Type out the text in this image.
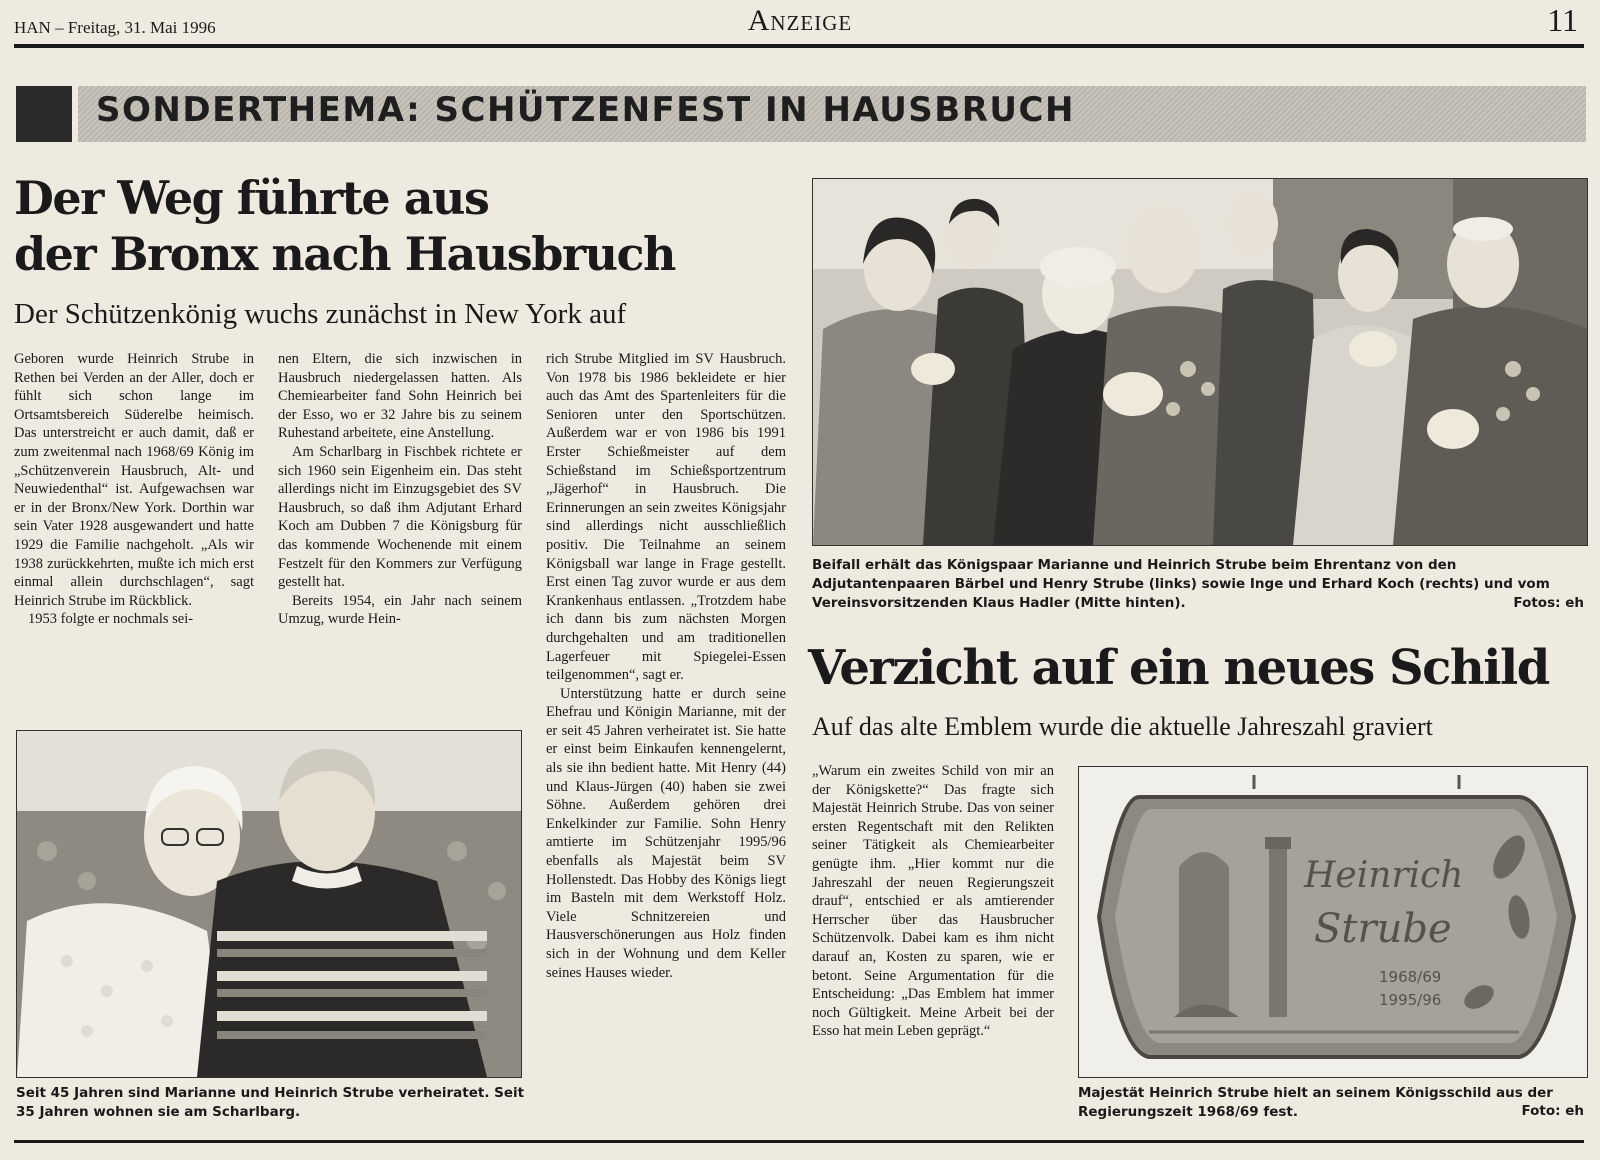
HAN – Freitag, 31. Mai 1996	Anzeige	11
SONDERTHEMA: SCHÜTZENFEST IN HAUSBRUCH
Der Weg führte aus
der Bronx nach Hausbruch
Der Schützenkönig wuchs zunächst in New York auf

Geboren wurde Heinrich Strube in Rethen bei Verden an der Aller, doch er fühlt sich schon lange im Ortsamtsbereich Süderelbe heimisch. Das unterstreicht er auch damit, daß er zum zweitenmal nach 1968/69 König im „Schützenverein Hausbruch, Alt- und Neuwiedenthal“ ist. Aufgewachsen war er in der Bronx/New York. Dorthin war sein Vater 1928 ausgewandert und hatte 1929 die Familie nachgeholt. „Als wir 1938 zurückkehrten, mußte ich mich erst einmal allein durchschlagen“, sagt Heinrich Strube im Rückblick.

1953 folgte er nochmals sei-

nen Eltern, die sich inzwischen in Hausbruch niedergelassen hatten. Als Chemiearbeiter fand Sohn Heinrich bei der Esso, wo er 32 Jahre bis zu seinem Ruhestand arbeitete, eine Anstellung.

Am Scharlbarg in Fischbek richtete er sich 1960 sein Eigenheim ein. Das steht allerdings nicht im Einzugsgebiet des SV Hausbruch, so daß ihm Adjutant Erhard Koch am Dubben 7 die Königsburg für das kommende Wochenende mit einem Festzelt für den Kommers zur Verfügung gestellt hat.

Bereits 1954, ein Jahr nach seinem Umzug, wurde Hein-

rich Strube Mitglied im SV Hausbruch. Von 1978 bis 1986 bekleidete er hier auch das Amt des Spartenleiters für die Senioren unter den Sportschützen. Außerdem war er von 1986 bis 1991 Erster Schießmeister auf dem Schießstand im Schießsportzentrum „Jägerhof“ in Hausbruch. Die Erinnerungen an sein zweites Königsjahr sind allerdings nicht ausschließlich positiv. Die Teilnahme an seinem Königsball war lange in Frage gestellt. Erst einen Tag zuvor wurde er aus dem Krankenhaus entlassen. „Trotzdem habe ich dann bis zum nächsten Morgen durchgehalten und am traditionellen Lagerfeuer mit Spiegelei-Essen teilgenommen“, sagt er.

Unterstützung hatte er durch seine Ehefrau und Königin Marianne, mit der er seit 45 Jahren verheiratet ist. Sie hatte er einst beim Einkaufen kennengelernt, als sie ihn bedient hatte. Mit Henry (44) und Klaus-Jürgen (40) haben sie zwei Söhne. Außerdem gehören drei Enkelkinder zur Familie. Sohn Henry amtierte im Schützenjahr 1995/96 ebenfalls als Majestät beim SV Hollenstedt. Das Hobby des Königs liegt im Basteln mit dem Werkstoff Holz. Viele Schnitzereien und Hausverschönerungen aus Holz finden sich in der Wohnung und dem Keller seines Hauses wieder.

Beifall erhält das Königspaar Marianne und Heinrich Strube beim Ehrentanz von den Adjutantenpaaren Bärbel und Henry Strube (links) sowie Inge und Erhard Koch (rechts) und vom Vereinsvorsitzenden Klaus Hadler (Mitte hinten).	Fotos: eh
Seit 45 Jahren sind Marianne und Heinrich Strube verheiratet. Seit 35 Jahren wohnen sie am Scharlbarg.
Verzicht auf ein neues Schild
Auf das alte Emblem wurde die aktuelle Jahreszahl graviert

„Warum ein zweites Schild von mir an der Königskette?“ Das fragte sich Majestät Heinrich Strube. Das von seiner ersten Regentschaft mit den Relikten seiner Tätigkeit als Chemiearbeiter genügte ihm. „Hier kommt nur die Jahreszahl der neuen Regierungszeit drauf“, entschied er als amtierender Herrscher über das Hausbrucher Schützenvolk. Dabei kam es ihm nicht darauf an, Kosten zu sparen, wie er betont. Seine Argumentation für die Entscheidung: „Das Emblem hat immer noch Gültigkeit. Meine Arbeit bei der Esso hat mein Leben geprägt.“

Heinrich
Strube
1968/69
1995/96
Majestät Heinrich Strube hielt an seinem Königsschild aus der Regierungszeit 1968/69 fest.	Foto: eh
